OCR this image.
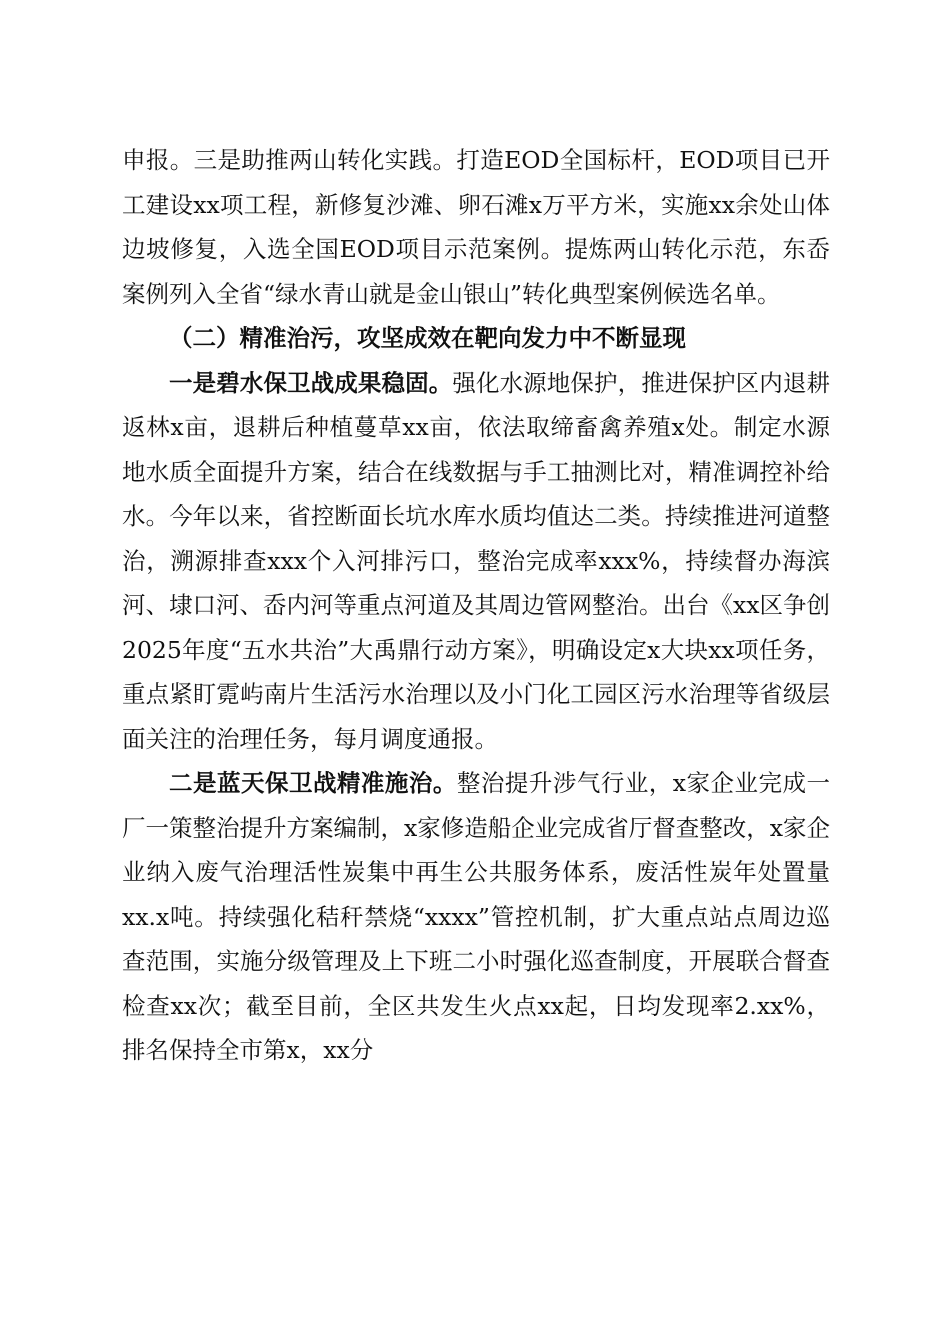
申报。三是助推两山转化实践。打造EOD全国标杆，EOD项目已开工建设xx项工程，新修复沙滩、卵石滩x万平方米，实施xx余处山体边坡修复，入选全国EOD项目示范案例。提炼两山转化示范，东岙案例列入全省“绿水青山就是金山银山”转化典型案例候选名单。

（二）精准治污，攻坚成效在靶向发力中不断显现

一是碧水保卫战成果稳固。强化水源地保护，推进保护区内退耕返林x亩，退耕后种植蔓草xx亩，依法取缔畜禽养殖x处。制定水源地水质全面提升方案，结合在线数据与手工抽测比对，精准调控补给水。今年以来，省控断面长坑水库水质均值达二类。持续推进河道整治，溯源排查xxx个入河排污口，整治完成率xxx%，持续督办海滨河、埭口河、岙内河等重点河道及其周边管网整治。出台《xx区争创2025年度“五水共治”大禹鼎行动方案》，明确设定x大块xx项任务，重点紧盯霓屿南片生活污水治理以及小门化工园区污水治理等省级层面关注的治理任务，每月调度通报。

二是蓝天保卫战精准施治。整治提升涉气行业，x家企业完成一厂一策整治提升方案编制，x家修造船企业完成省厅督查整改，x家企业纳入废气治理活性炭集中再生公共服务体系，废活性炭年处置量xx.x吨。持续强化秸秆禁烧“xxxx”管控机制，扩大重点站点周边巡查范围，实施分级管理及上下班二小时强化巡查制度，开展联合督查检查xx次；截至目前，全区共发生火点xx起，日均发现率2.xx%，排名保持全市第x，xx分
